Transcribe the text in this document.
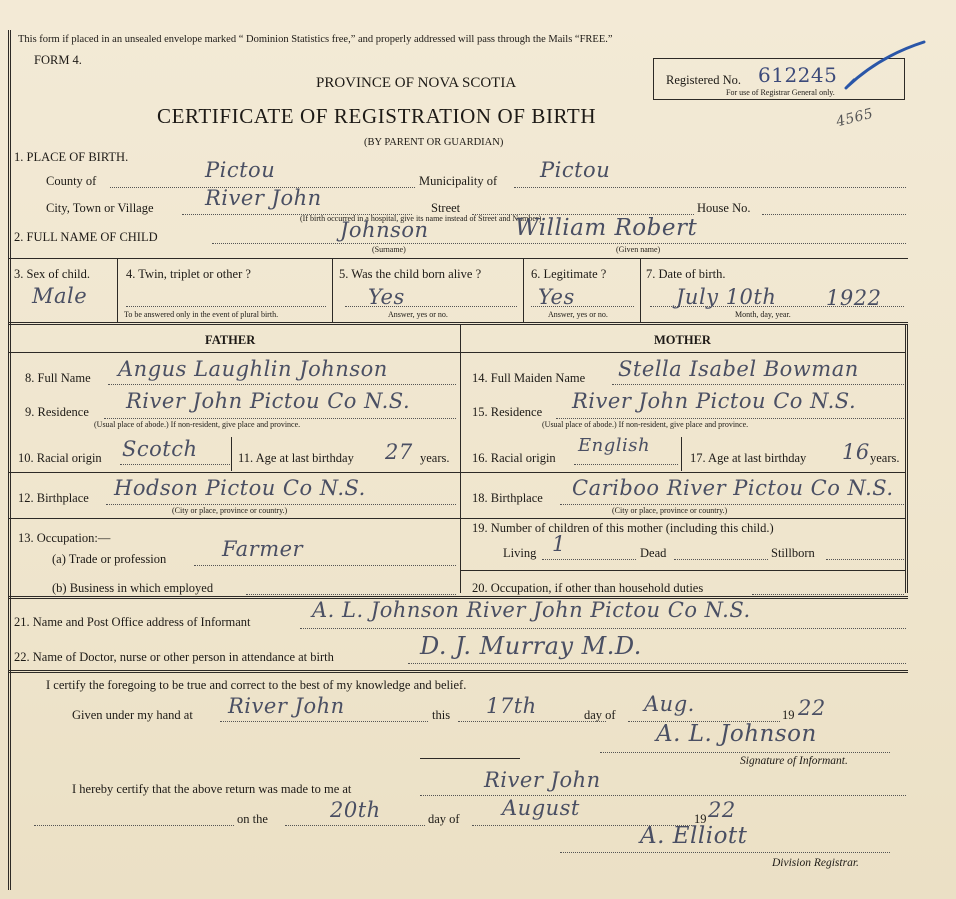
This form if placed in an unsealed envelope marked “ Dominion Statistics free,” and properly addressed will pass through the Mails “FREE.”
FORM 4.
PROVINCE OF NOVA SCOTIA
CERTIFICATE OF REGISTRATION OF BIRTH
(BY PARENT OR GUARDIAN)
Registered No. 612245
For use of Registrar General only.
4565
1. PLACE OF BIRTH.
County of	Pictou	Municipality of Pictou
City, Town or Village River John	Street	House No.
(If birth occurred in a hospital, give its name instead of Street and Number)
2. FULL NAME OF CHILD	Johnson	William Robert
(Surname)	(Given name)
3. Sex of child.
Male
4. Twin, triplet or other ?
To be answered only in the event of plural birth.
5. Was the child born alive ?
Yes
Answer, yes or no.
6. Legitimate ?
Yes
Answer, yes or no.
7. Date of birth.
July 10th 1922
Month, day, year.
FATHER
8. Full Name Angus Laughlin Johnson
9. Residence River John Pictou Co N.S.
(Usual place of abode.) If non-resident, give place and province.
10. Racial origin Scotch	11. Age at last birthday 27 years.
12. Birthplace Hodson Pictou Co N.S.
(City or place, province or country.)
13. Occupation:—
(a) Trade or profession	Farmer
(b) Business in which employed
MOTHER
14. Full Maiden Name Stella Isabel Bowman
15. Residence River John Pictou Co N.S.
(Usual place of abode.) If non-resident, give place and province.
16. Racial origin
English
17. Age at last birthday 16 years.
18. Birthplace Cariboo River Pictou Co N.S.
(City or place, province or country.)
19. Number of children of this mother (including this child.)
Living 1	Dead	Stillborn
20. Occupation, if other than household duties
21. Name and Post Office address of Informant	A. L. Johnson River John Pictou Co N.S.
22. Name of Doctor, nurse or other person in attendance at birth	D. J. Murray M.D.
I certify the foregoing to be true and correct to the best of my knowledge and belief.
Given under my hand at River John	this 17th	day of Aug.	19 22
A. L. Johnson
Signature of Informant.
I hereby certify that the above return was made to me at	River John
on the	20th	day of August	19 22
A. Elliott
Division Registrar.
